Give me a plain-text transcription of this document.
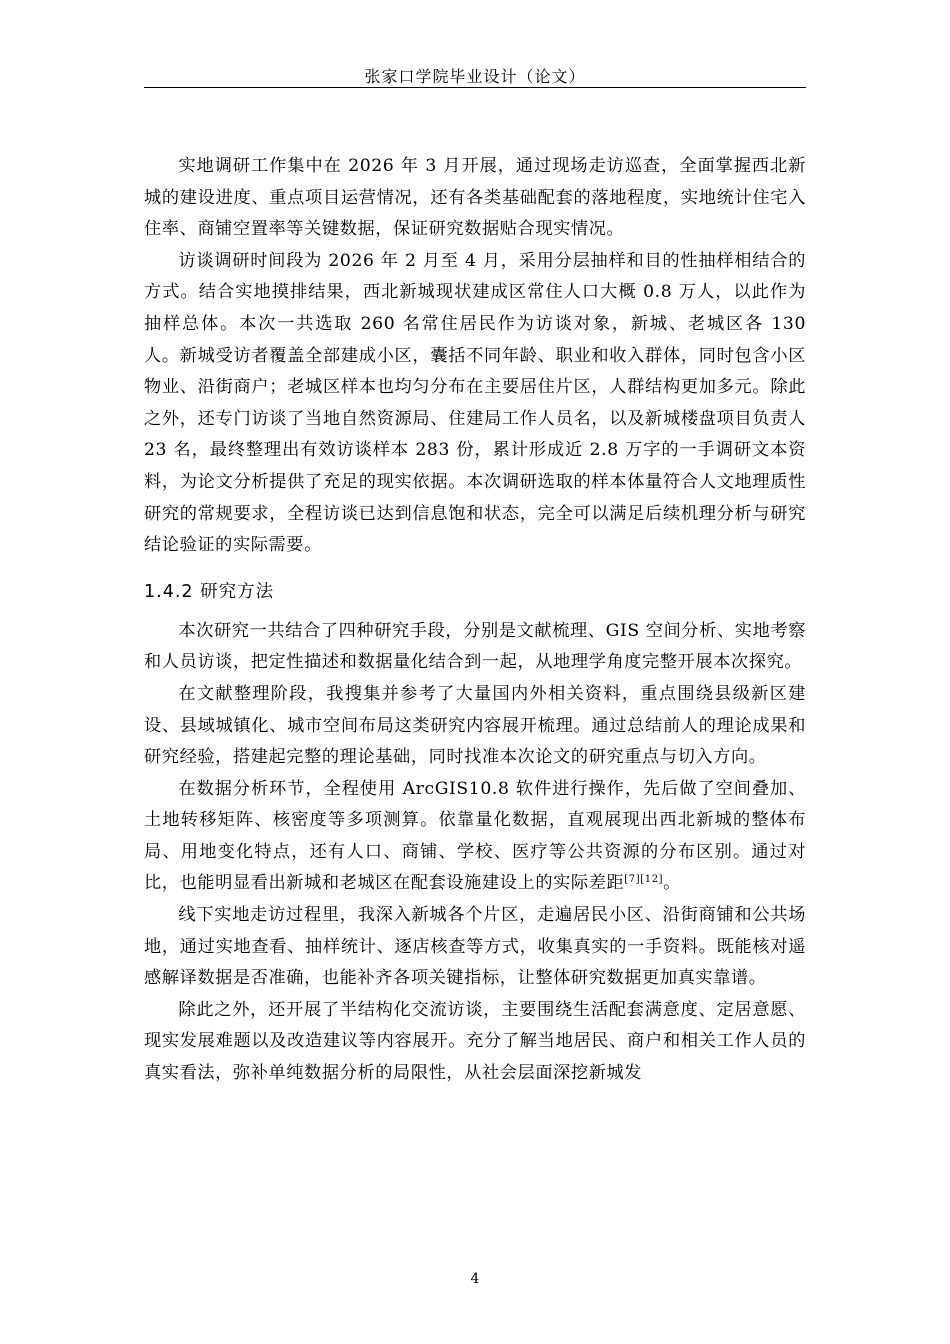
张家口学院毕业设计（论文）

实地调研工作集中在 2026 年 3 月开展，通过现场走访巡查，全面掌握西北新城的建设进度、重点项目运营情况，还有各类基础配套的落地程度，实地统计住宅入住率、商铺空置率等关键数据，保证研究数据贴合现实情况。

访谈调研时间段为 2026 年 2 月至 4 月，采用分层抽样和目的性抽样相结合的方式。结合实地摸排结果，西北新城现状建成区常住人口大概 0.8 万人，以此作为抽样总体。本次一共选取 260 名常住居民作为访谈对象，新城、老城区各 130 人。新城受访者覆盖全部建成小区，囊括不同年龄、职业和收入群体，同时包含小区物业、沿街商户；老城区样本也均匀分布在主要居住片区，人群结构更加多元。除此之外，还专门访谈了当地自然资源局、住建局工作人员名，以及新城楼盘项目负责人 23 名，最终整理出有效访谈样本 283 份，累计形成近 2.8 万字的一手调研文本资料，为论文分析提供了充足的现实依据。本次调研选取的样本体量符合人文地理质性研究的常规要求，全程访谈已达到信息饱和状态，完全可以满足后续机理分析与研究结论验证的实际需要。

1.4.2 研究方法

本次研究一共结合了四种研究手段，分别是文献梳理、GIS 空间分析、实地考察和人员访谈，把定性描述和数据量化结合到一起，从地理学角度完整开展本次探究。

在文献整理阶段，我搜集并参考了大量国内外相关资料，重点围绕县级新区建设、县域城镇化、城市空间布局这类研究内容展开梳理。通过总结前人的理论成果和研究经验，搭建起完整的理论基础，同时找准本次论文的研究重点与切入方向。

在数据分析环节，全程使用 ArcGIS10.8 软件进行操作，先后做了空间叠加、土地转移矩阵、核密度等多项测算。依靠量化数据，直观展现出西北新城的整体布局、用地变化特点，还有人口、商铺、学校、医疗等公共资源的分布区别。通过对比，也能明显看出新城和老城区在配套设施建设上的实际差距[7][12]。

线下实地走访过程里，我深入新城各个片区，走遍居民小区、沿街商铺和公共场地，通过实地查看、抽样统计、逐店核查等方式，收集真实的一手资料。既能核对遥感解译数据是否准确，也能补齐各项关键指标，让整体研究数据更加真实靠谱。

除此之外，还开展了半结构化交流访谈，主要围绕生活配套满意度、定居意愿、现实发展难题以及改造建议等内容展开。充分了解当地居民、商户和相关工作人员的真实看法，弥补单纯数据分析的局限性，从社会层面深挖新城发

4
